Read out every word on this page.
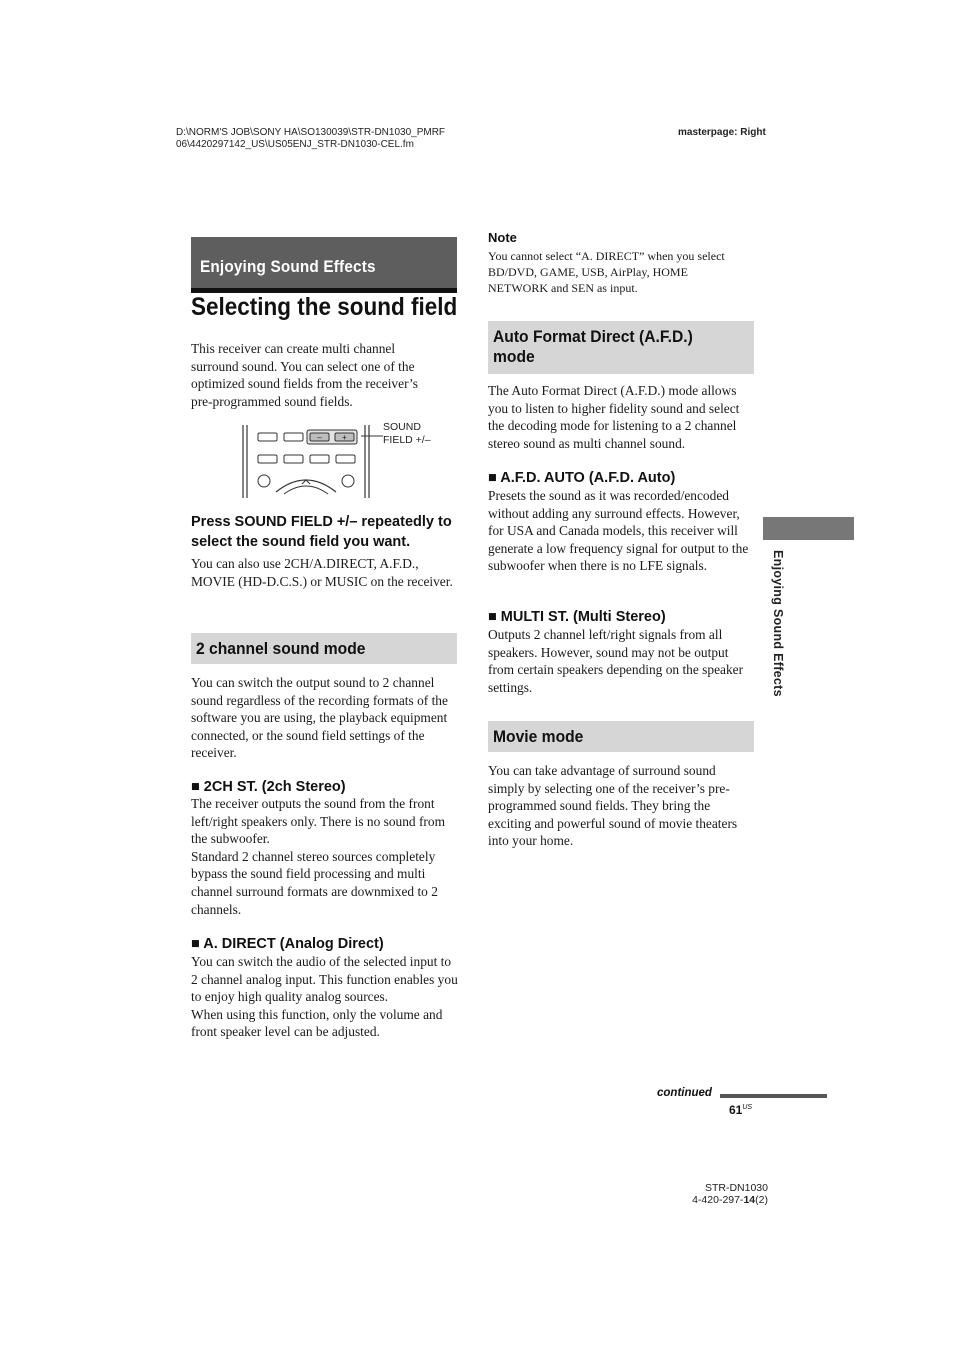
D:\NORM'S JOB\SONY HA\SO130039\STR-DN1030_PMRF
06\4420297142_US\US05ENJ_STR-DN1030-CEL.fm
masterpage: Right
Enjoying Sound Effects
Selecting the sound field

This receiver can create multi channel surround sound. You can select one of the optimized sound fields from the receiver’s pre-programmed sound fields.

–	+
SOUND
FIELD +/–

Press SOUND FIELD +/– repeatedly to select the sound field you want.

You can also use 2CH/A.DIRECT, A.F.D., MOVIE (HD-D.C.S.) or MUSIC on the receiver.

2 channel sound mode

You can switch the output sound to 2 channel sound regardless of the recording formats of the software you are using, the playback equipment connected, or the sound field settings of the receiver.

■ 2CH ST. (2ch Stereo)

The receiver outputs the sound from the front left/right speakers only. There is no sound from the subwoofer.

Standard 2 channel stereo sources completely bypass the sound field processing and multi channel surround formats are downmixed to 2 channels.

■ A. DIRECT (Analog Direct)

You can switch the audio of the selected input to 2 channel analog input. This function enables you to enjoy high quality analog sources.

When using this function, only the volume and front speaker level can be adjusted.

Note

You cannot select “A. DIRECT” when you select BD/DVD, GAME, USB, AirPlay, HOME NETWORK and SEN as input.

Auto Format Direct (A.F.D.) mode

The Auto Format Direct (A.F.D.) mode allows you to listen to higher fidelity sound and select the decoding mode for listening to a 2 channel stereo sound as multi channel sound.

■ A.F.D. AUTO (A.F.D. Auto)

Presets the sound as it was recorded/encoded without adding any surround effects. However, for USA and Canada models, this receiver will generate a low frequency signal for output to the subwoofer when there is no LFE signals.

■ MULTI ST. (Multi Stereo)

Outputs 2 channel left/right signals from all speakers. However, sound may not be output from certain speakers depending on the speaker settings.

Movie mode

You can take advantage of surround sound simply by selecting one of the receiver’s pre-programmed sound fields. They bring the exciting and powerful sound of movie theaters into your home.

Enjoying Sound Effects
continued
$61^{US}$
STR-DN1030
4-420-297-14(2)
